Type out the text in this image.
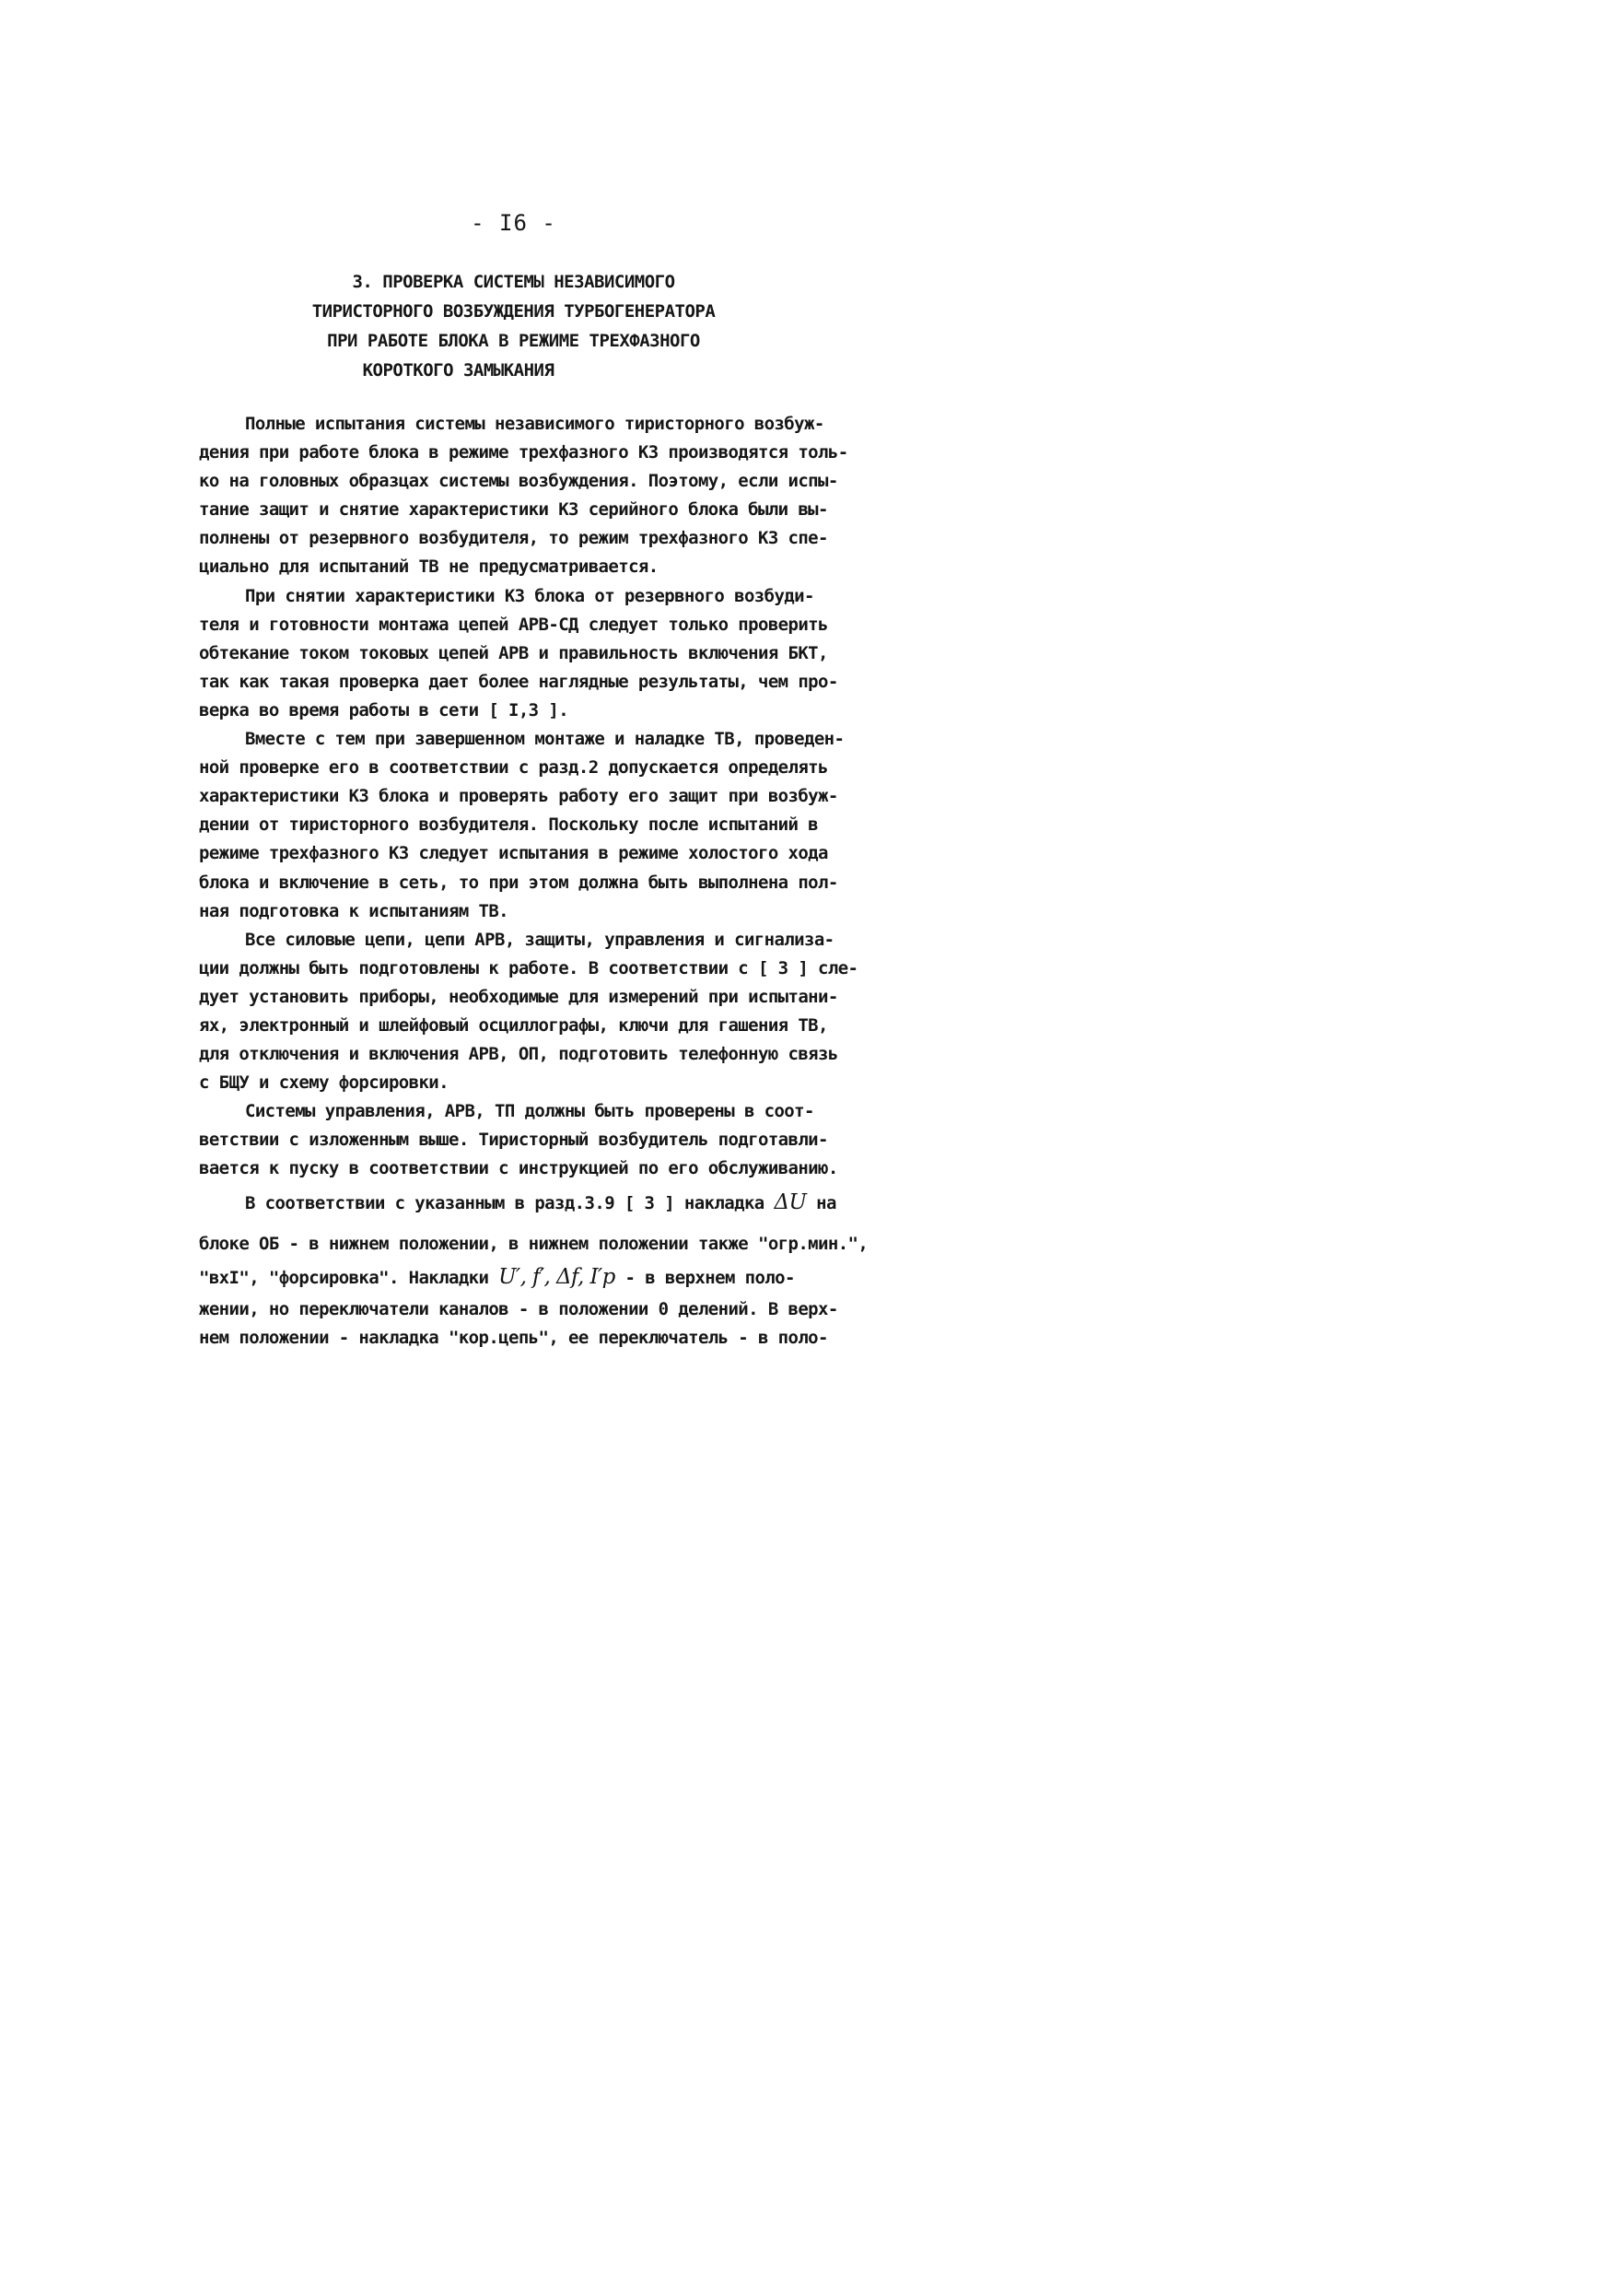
- I6 -
3. ПРОВЕРКА СИСТЕМЫ НЕЗАВИСИМОГО
ТИРИСТОРНОГО ВОЗБУЖДЕНИЯ ТУРБОГЕНЕРАТОРА
ПРИ РАБОТЕ БЛОКА В РЕЖИМЕ ТРЕХФАЗНОГО
КОРОТКОГО ЗАМЫКАНИЯ
Полные испытания системы независимого тиристорного возбуж-
дения при работе блока в режиме трехфазного КЗ производятся толь-
ко на головных образцах системы возбуждения. Поэтому, если испы-
тание защит и снятие характеристики КЗ серийного блока были вы-
полнены от резервного возбудителя, то режим трехфазного КЗ спе-
циально для испытаний ТВ не предусматривается.
При снятии характеристики КЗ блока от резервного возбуди-
теля и готовности монтажа цепей АРВ-СД следует только проверить
обтекание током токовых цепей АРВ и правильность включения БКТ,
так как такая проверка дает более наглядные результаты, чем про-
верка во время работы в сети [ I,3 ].
Вместе с тем при завершенном монтаже и наладке ТВ, проведен-
ной проверке его в соответствии с разд.2 допускается определять
характеристики КЗ блока и проверять работу его защит при возбуж-
дении от тиристорного возбудителя. Поскольку после испытаний в
режиме трехфазного КЗ следует испытания в режиме холостого хода
блока и включение в сеть, то при этом должна быть выполнена пол-
ная подготовка к испытаниям ТВ.
Все силовые цепи, цепи АРВ, защиты, управления и сигнализа-
ции должны быть подготовлены к работе. В соответствии с [ 3 ] сле-
дует установить приборы, необходимые для измерений при испытани-
ях, электронный и шлейфовый осциллографы, ключи для гашения ТВ,
для отключения и включения АРВ, ОП, подготовить телефонную связь
с БЩУ и схему форсировки.
Системы управления, АРВ, ТП должны быть проверены в соот-
ветствии с изложенным выше. Тиристорный возбудитель подготавли-
вается к пуску в соответствии с инструкцией по его обслуживанию.
В соответствии с указанным в разд.3.9 [ 3 ] накладка ΔU на
блоке ОБ - в нижнем положении, в нижнем положении также "огр.мин.",
"вхI", "форсировка". Накладки U′, f′, Δf, I′p - в верхнем поло-
жении, но переключатели каналов - в положении 0 делений. В верх-
нем положении - накладка "кор.цепь", ее переключатель - в поло-
